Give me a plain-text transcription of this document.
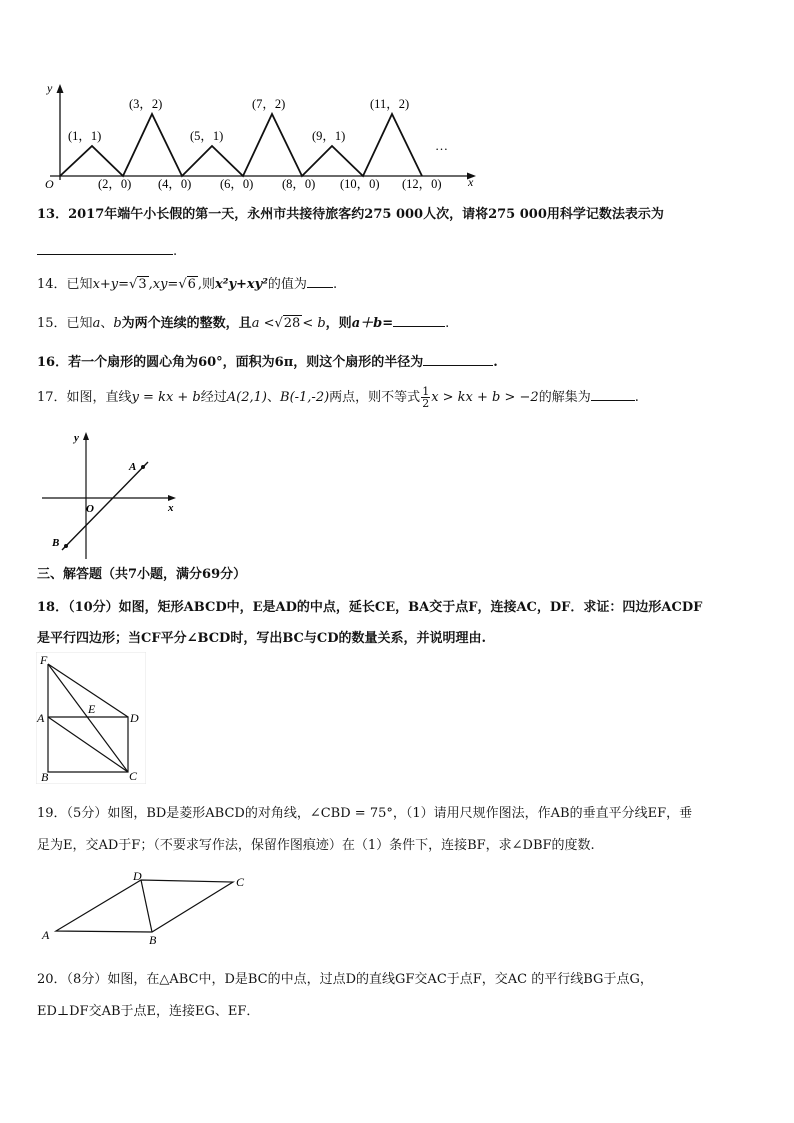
y
x
O
(1，1)
(3，2)
(5，1)
(7，2)
(9，1)
(11，2)
(2，0) (4，0) (6，0) (8，0) (10，0) (12，0)
…
13．2017年端午小长假的第一天，永州市共接待旅客约275 000人次，请将275 000用科学记数法表示为
.
14．已知x+y=√3 ,xy=√6 ,则x²y+xy²的值为 .
15．已知a、b为两个连续的整数，且a <√28 < b，则a＋b=	.
16．若一个扇形的圆心角为60°，面积为6π，则这个扇形的半径为	.
17．如图，直线y = kx + b经过A(2,1)、B(-1,-2)两点，则不等式 $\frac{1}{2}$ x > kx + b > −2的解集为	.
y
x
O
A
B
三、解答题（共7小题，满分69分）
18．（10分）如图，矩形ABCD中，E是AD的中点，延长CE，BA交于点F，连接AC，DF．求证：四边形ACDF
是平行四边形；当CF平分∠BCD时，写出BC与CD的数量关系，并说明理由.
F
A
E
D
B	C
19．（5分）如图，BD是菱形ABCD的对角线，∠CBD = 75°，（1）请用尺规作图法，作AB的垂直平分线EF，垂
足为E，交AD于F；（不要求写作法，保留作图痕迹）在（1）条件下，连接BF，求∠DBF的度数.
D	C
A	B
20．（8分）如图，在△ABC中，D是BC的中点，过点D的直线GF交AC于点F，交AC 的平行线BG于点G，
ED⊥DF交AB于点E，连接EG、EF．
